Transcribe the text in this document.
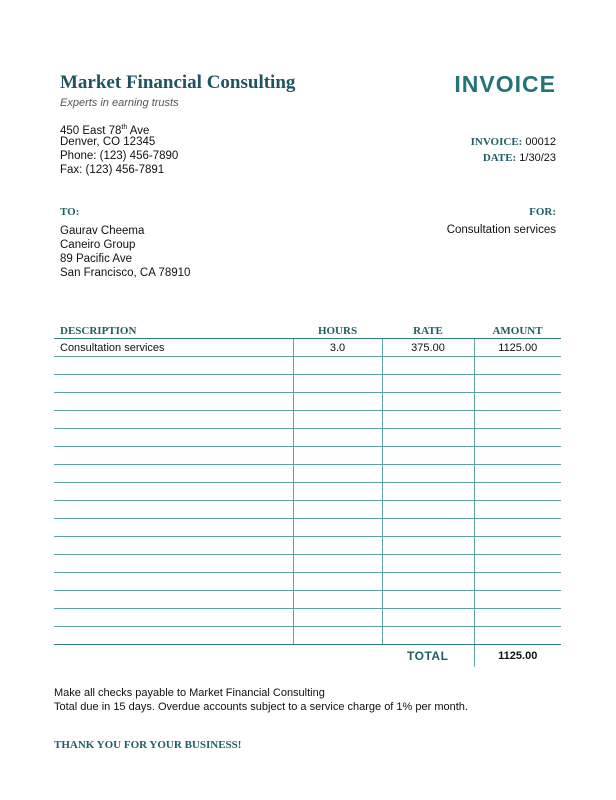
Market Financial Consulting
Experts in earning trusts
450 East 78th Ave
Denver, CO 12345
Phone: (123) 456-7890
Fax: (123) 456-7891
INVOICE
INVOICE: 00012
DATE: 1/30/23
TO:
Gaurav Cheema
Caneiro Group
89 Pacific Ave
San Francisco, CA 78910
FOR:
Consultation services
DESCRIPTION	HOURS	RATE	AMOUNT
Consultation services	3.0	375.00	1125.00

		TOTAL	1125.00
Make all checks payable to Market Financial Consulting
Total due in 15 days. Overdue accounts subject to a service charge of 1% per month.
THANK YOU FOR YOUR BUSINESS!
